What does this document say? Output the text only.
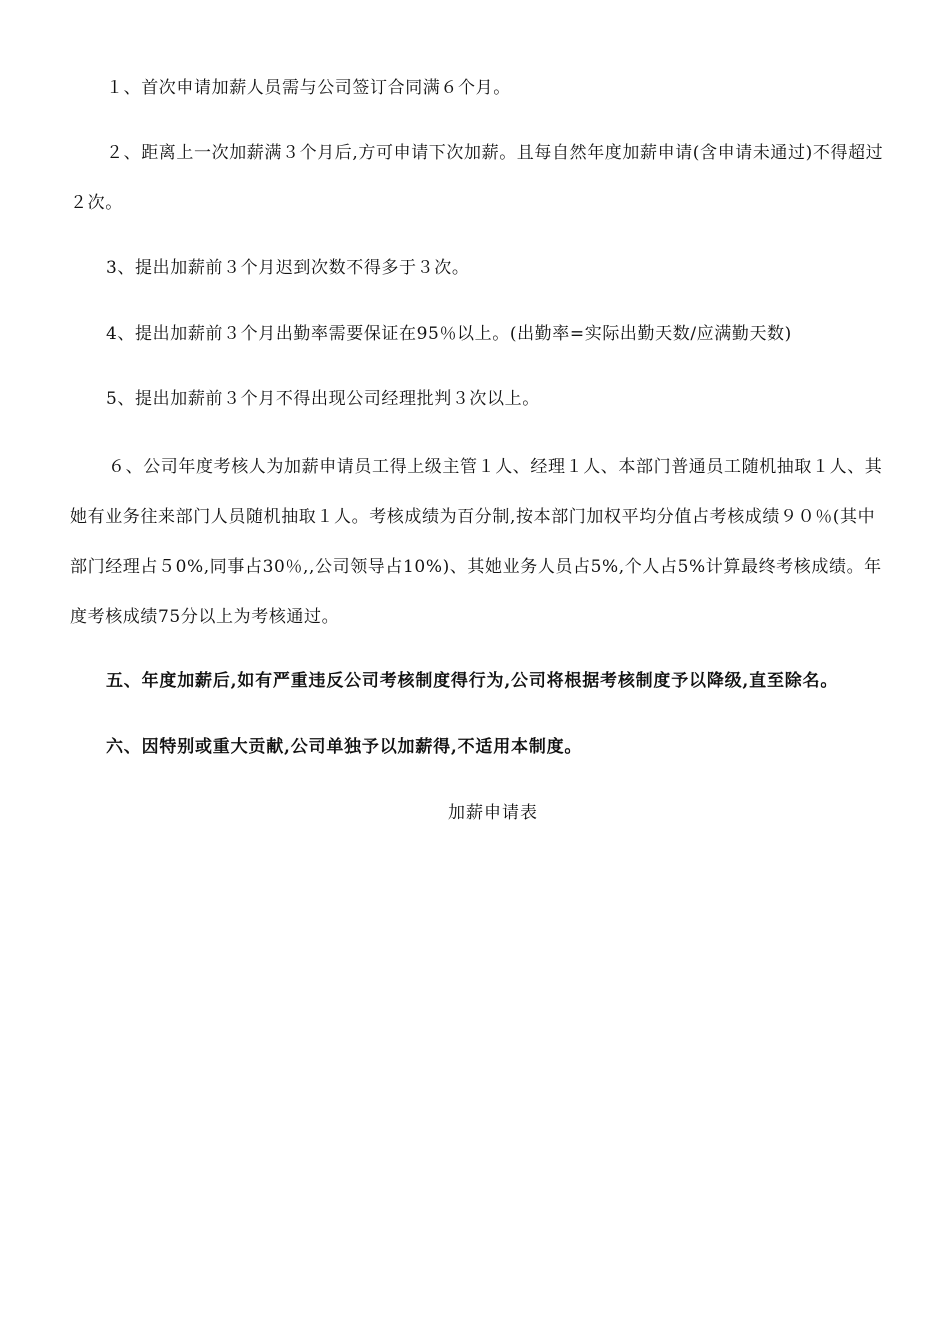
１、首次申请加薪人员需与公司签订合同满６个月。

２、距离上一次加薪满３个月后,方可申请下次加薪。且每自然年度加薪申请(含申请未通过)不得超过２次。

3、提出加薪前３个月迟到次数不得多于３次。

4、提出加薪前３个月出勤率需要保证在95％以上。(出勤率=实际出勤天数/应满勤天数)

5、提出加薪前３个月不得出现公司经理批判３次以上。

６、公司年度考核人为加薪申请员工得上级主管１人、经理１人、本部门普通员工随机抽取１人、其她有业务往来部门人员随机抽取１人。考核成绩为百分制,按本部门加权平均分值占考核成绩９０％(其中部门经理占５0%,同事占30％,,公司领导占10%)、其她业务人员占5%,个人占5%计算最终考核成绩。年度考核成绩75分以上为考核通过。

五、年度加薪后,如有严重违反公司考核制度得行为,公司将根据考核制度予以降级,直至除名。

六、因特别或重大贡献,公司单独予以加薪得,不适用本制度。

加薪申请表
